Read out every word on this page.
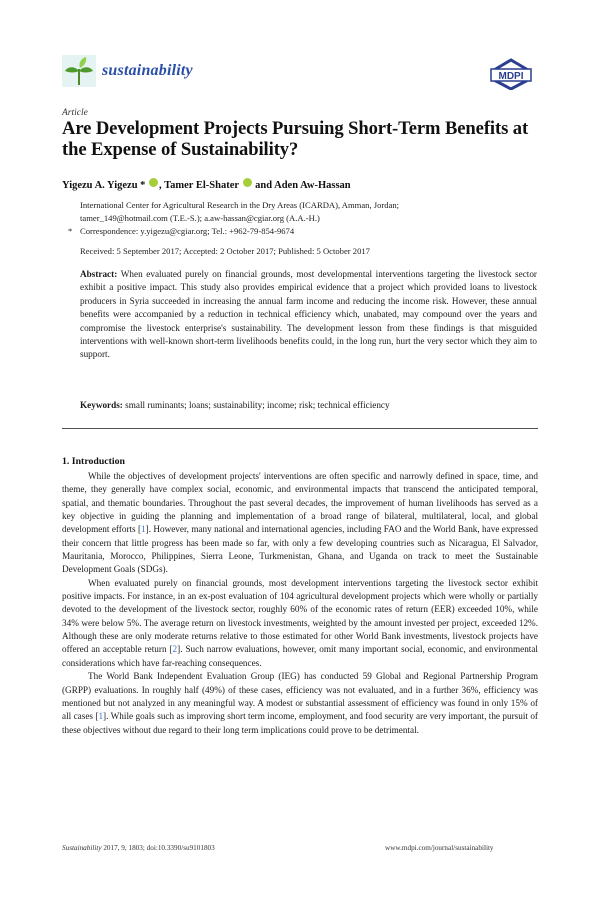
sustainability	MDPI
Article
Are Development Projects Pursuing Short-Term Benefits at the Expense of Sustainability?
Yigezu A. Yigezu * , Tamer El-Shater  and Aden Aw-Hassan
International Center for Agricultural Research in the Dry Areas (ICARDA), Amman, Jordan;
tamer_149@hotmail.com (T.E.-S.); a.aw-hassan@cgiar.org (A.A.-H.)
* Correspondence: y.yigezu@cgiar.org; Tel.: +962-79-854-9674
Received: 5 September 2017; Accepted: 2 October 2017; Published: 5 October 2017
Abstract: When evaluated purely on financial grounds, most developmental interventions targeting the livestock sector exhibit a positive impact. This study also provides empirical evidence that a project which provided loans to livestock producers in Syria succeeded in increasing the annual farm income and reducing the income risk. However, these annual benefits were accompanied by a reduction in technical efficiency which, unabated, may compound over the years and compromise the livestock enterprise's sustainability. The development lesson from these findings is that misguided interventions with well-known short-term livelihoods benefits could, in the long run, hurt the very sector which they aim to support.
Keywords: small ruminants; loans; sustainability; income; risk; technical efficiency
1. Introduction

While the objectives of development projects' interventions are often specific and narrowly defined in space, time, and theme, they generally have complex social, economic, and environmental impacts that transcend the anticipated temporal, spatial, and thematic boundaries. Throughout the past several decades, the improvement of human livelihoods has served as a key objective in guiding the planning and implementation of a broad range of bilateral, multilateral, local, and global development efforts [1]. However, many national and international agencies, including FAO and the World Bank, have expressed their concern that little progress has been made so far, with only a few developing countries such as Nicaragua, El Salvador, Mauritania, Morocco, Philippines, Sierra Leone, Turkmenistan, Ghana, and Uganda on track to meet the Sustainable Development Goals (SDGs).

When evaluated purely on financial grounds, most development interventions targeting the livestock sector exhibit positive impacts. For instance, in an ex-post evaluation of 104 agricultural development projects which were wholly or partially devoted to the development of the livestock sector, roughly 60% of the economic rates of return (EER) exceeded 10%, while 34% were below 5%. The average return on livestock investments, weighted by the amount invested per project, exceeded 12%. Although these are only moderate returns relative to those estimated for other World Bank investments, livestock projects have offered an acceptable return [2]. Such narrow evaluations, however, omit many important social, economic, and environmental considerations which have far-reaching consequences.

The World Bank Independent Evaluation Group (IEG) has conducted 59 Global and Regional Partnership Program (GRPP) evaluations. In roughly half (49%) of these cases, efficiency was not evaluated, and in a further 36%, efficiency was mentioned but not analyzed in any meaningful way. A modest or substantial assessment of efficiency was found in only 15% of all cases [1]. While goals such as improving short term income, employment, and food security are very important, the pursuit of these objectives without due regard to their long term implications could prove to be detrimental.

Sustainability 2017, 9, 1803; doi:10.3390/su9101803	www.mdpi.com/journal/sustainability
